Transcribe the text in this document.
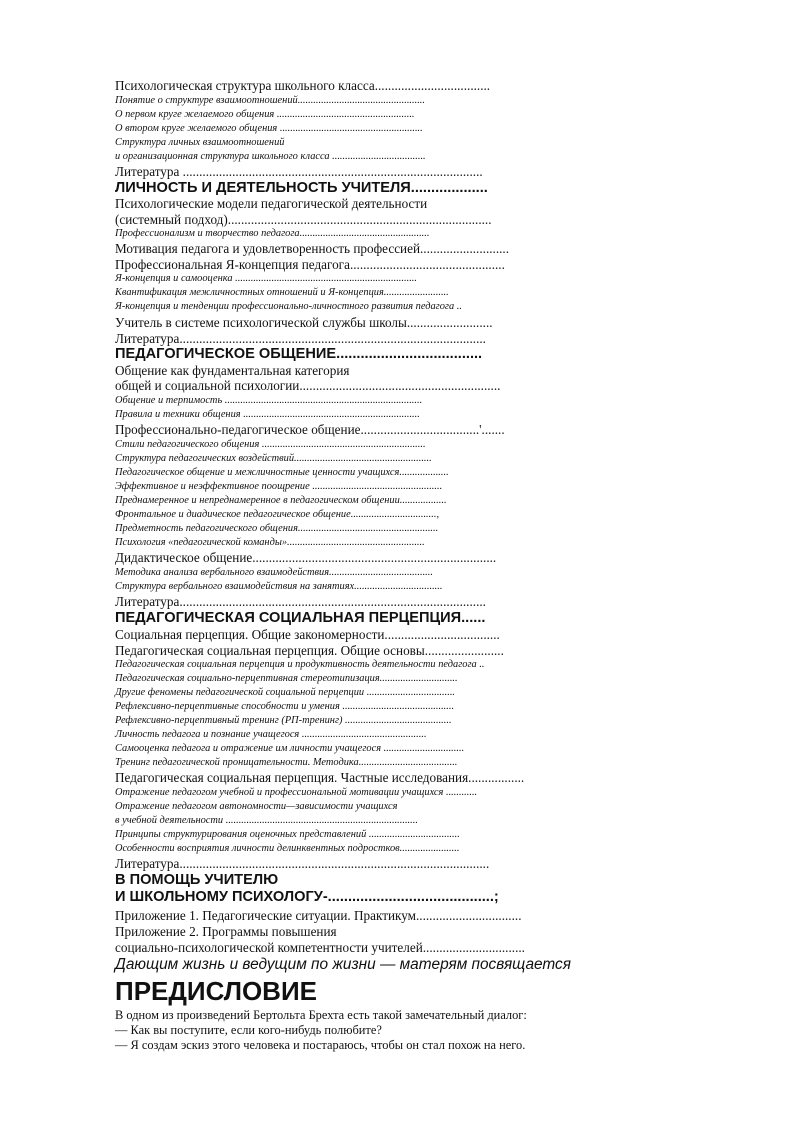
Психологическая структура школьного класса...................................
Понятие о структуре взаимоотношений.................................................
О первом круге желаемого общения .....................................................
О втором круге желаемого общения .......................................................
Структура личных взаимоотношений
и организационная структура школьного класса ....................................
Литература ...........................................................................................
ЛИЧНОСТЬ И ДЕЯТЕЛЬНОСТЬ УЧИТЕЛЯ...................
Психологические модели педагогической деятельности
(системный подход)................................................................................
Профессионализм и творчество педагога..................................................
Мотивация педагога и удовлетворенность профессией...........................
Профессиональная Я-концепция педагога...............................................
Я-концепция и самооценка ......................................................................
Квантификация межличностных отношений и Я-концепция.........................
Я-концепция и тенденции профессионально-личностного развития педагога ..
Учитель в системе психологической службы школы..........................
Литература.............................................................................................
ПЕДАГОГИЧЕСКОЕ ОБЩЕНИЕ....................................
Общение как фундаментальная категория
общей и социальной психологии.............................................................
Общение и терпимость ............................................................................
Правила и техники общения ....................................................................
Профессионально-педагогическое общение....................................'.......
Стили педагогического общения ...............................................................
Структура педагогических воздействий.....................................................
Педагогическое общение и межличностные ценности учащихся...................
Эффективное и неэффективное поощрение ..................................................
Преднамеренное и непреднамеренное в педагогическом общении..................
Фронтальное и диадическое педагогическое общение.................................,
Предметность педагогического общения......................................................
Психология «педагогической команды».....................................................
Дидактическое общение..........................................................................
Методика анализа вербального взаимодействия........................................
Структура вербального взаимодействия на занятиях..................................
Литература.............................................................................................
ПЕДАГОГИЧЕСКАЯ СОЦИАЛЬНАЯ ПЕРЦЕПЦИЯ......
Социальная перцепция. Общие закономерности...................................
Педагогическая социальная перцепция. Общие основы........................
Педагогическая социальная перцепция и продуктивность деятельности педагога ..
Педагогическая социально-перцептивная стереотипизация..............................
Другие феномены педагогической социальной перцепции ..................................
Рефлексивно-перцептивные способности и умения ...........................................
Рефлексивно-перцептивный тренинг (РП-тренинг) .........................................
Личность педагога и познание учащегося ................................................
Самооценка педагога и отражение им личности учащегося ...............................
Тренинг педагогической проницательности. Методика......................................
Педагогическая социальная перцепция. Частные исследования.................
Отражение педагогом учебной и профессиональной мотивации учащихся ............
Отражение педагогом автономности—зависимости учащихся
в учебной деятельности ..........................................................................
Принципы структурирования оценочных представлений ...................................
Особенности восприятия личности делинквентных подростков.......................
Литература..............................................................................................
В ПОМОЩЬ УЧИТЕЛЮ
И ШКОЛЬНОМУ ПСИХОЛОГУ-.........................................;
Приложение 1. Педагогические ситуации. Практикум................................
Приложение 2. Программы повышения
социально-психологической компетентности учителей...............................
Дающим жизнь и ведущим по жизни — матерям посвящается
ПРЕДИСЛОВИЕ
В одном из произведений Бертольта Брехта есть такой замечательный диалог:
— Как вы поступите, если кого-нибудь полюбите?
— Я создам эскиз этого человека и постараюсь, чтобы он стал похож на него.
